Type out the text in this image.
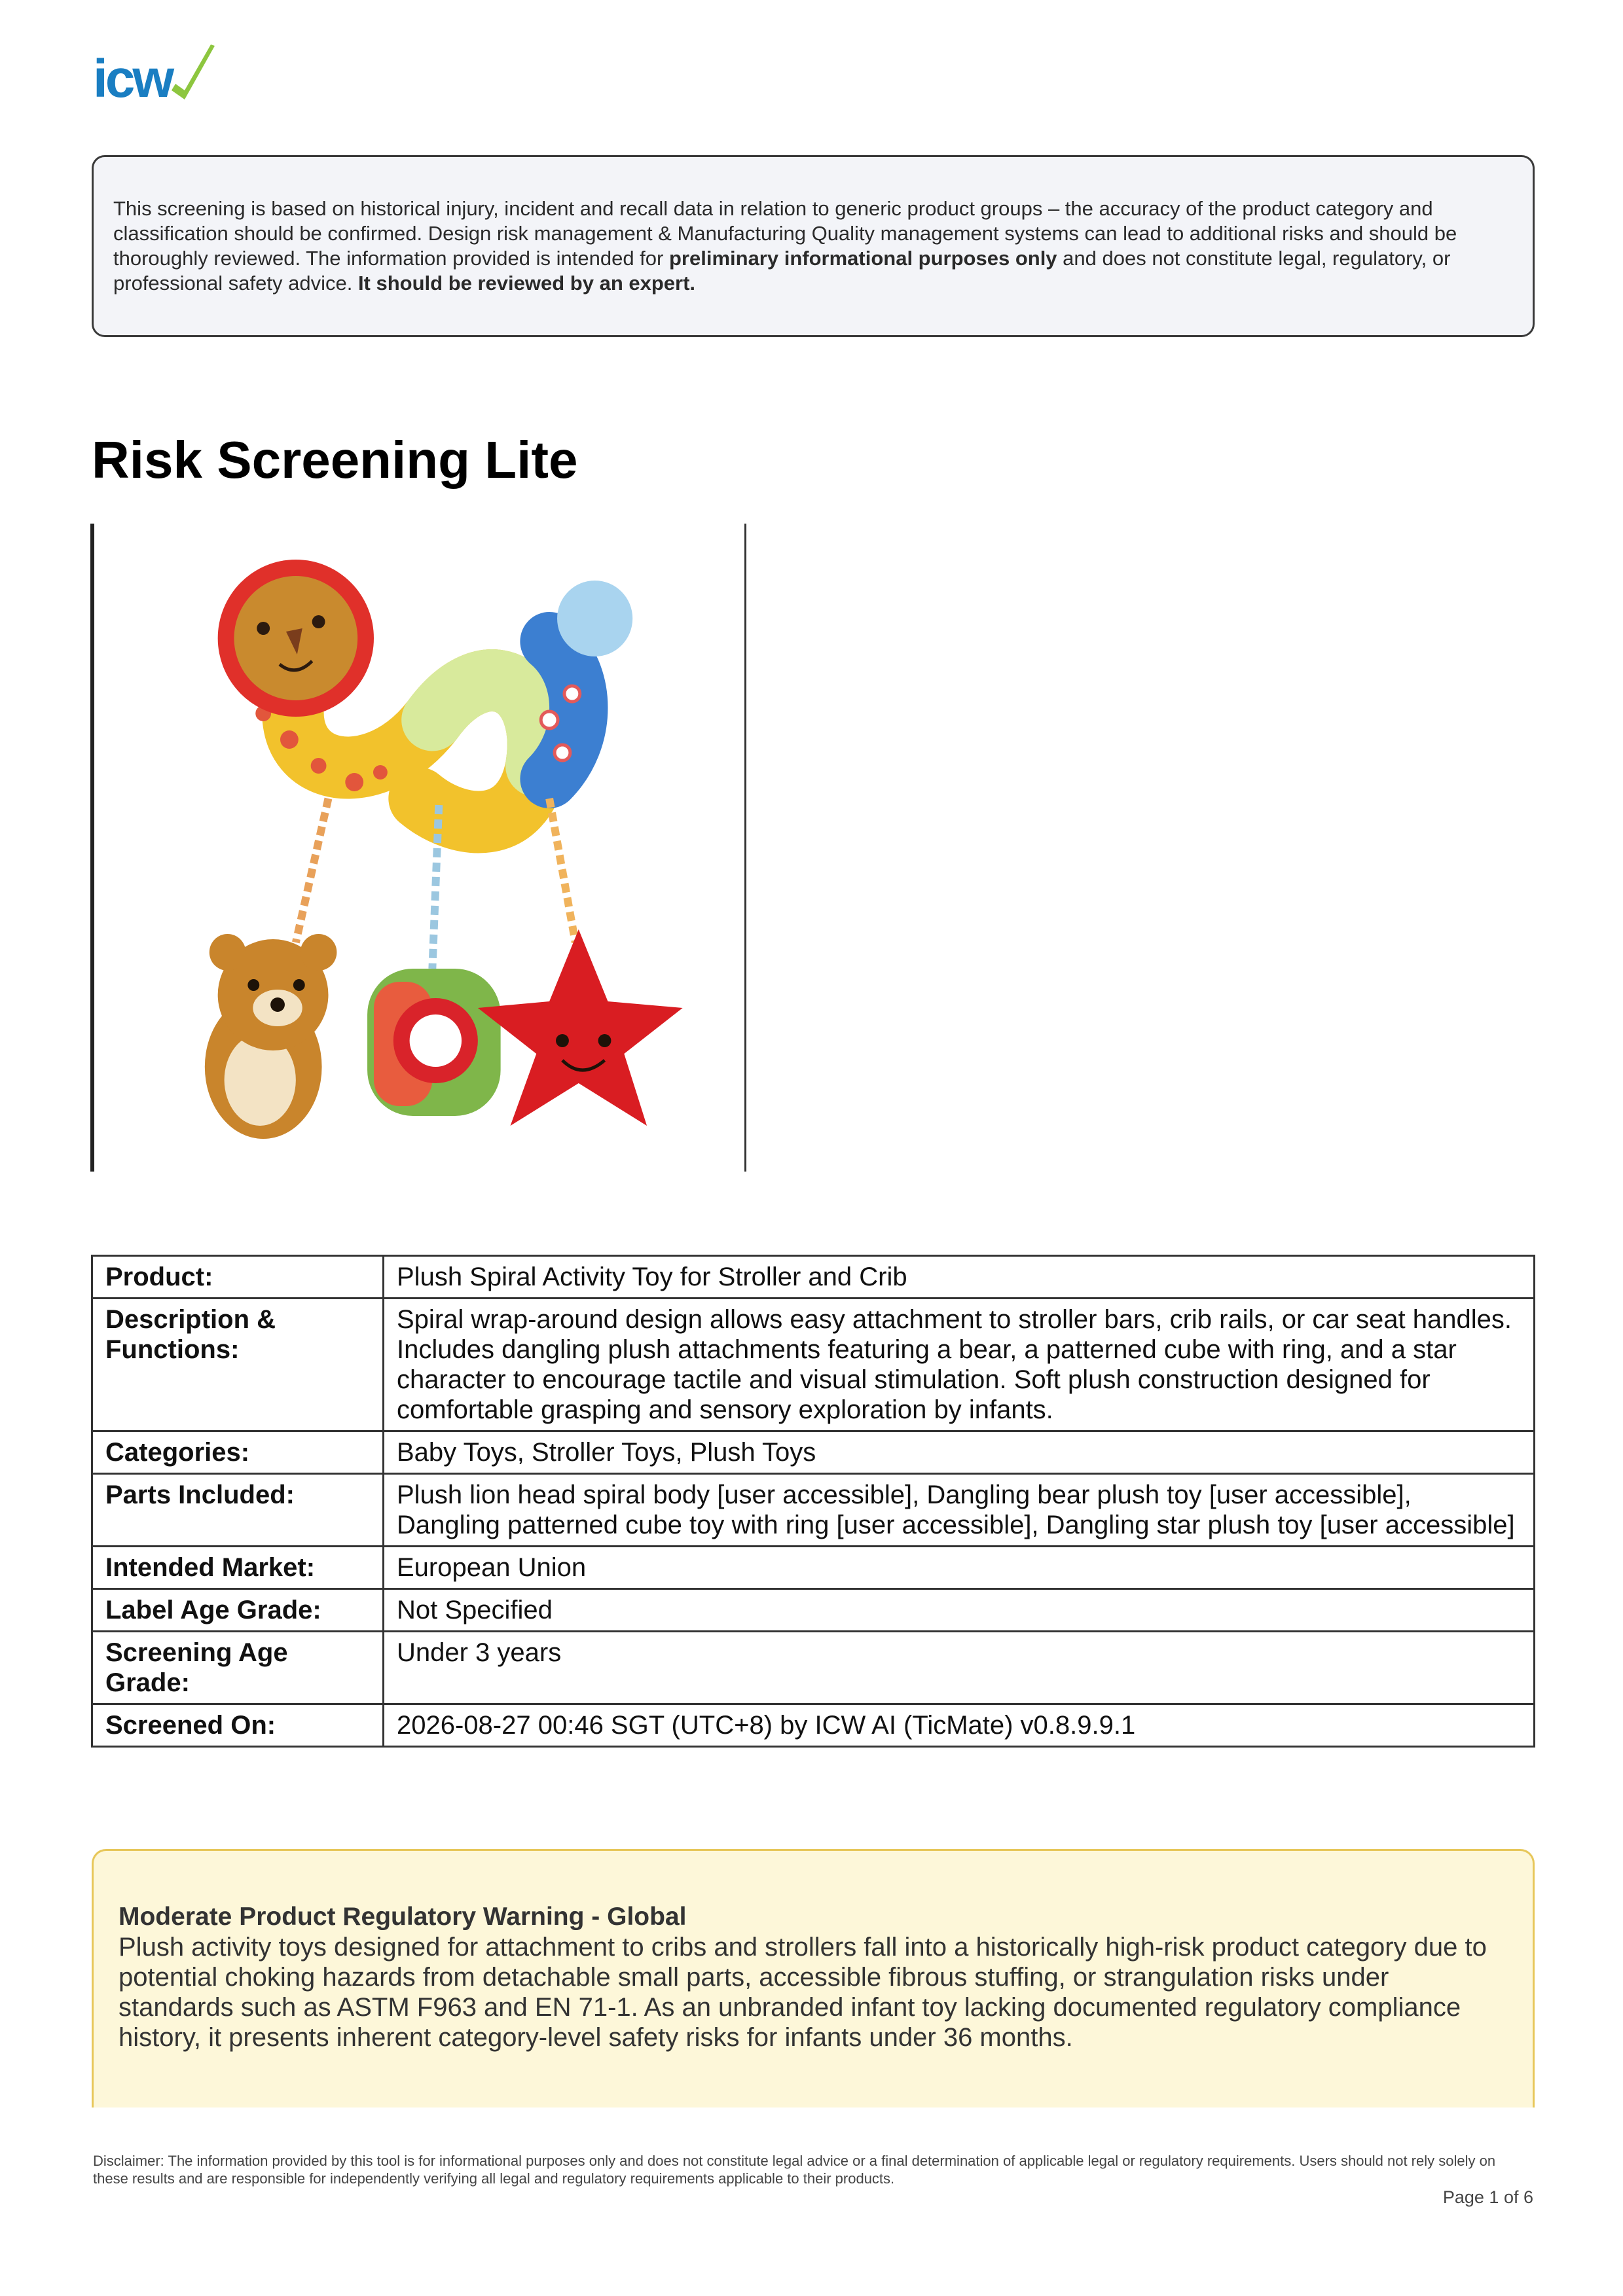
icw
This screening is based on historical injury, incident and recall data in relation to generic product groups – the accuracy of the product category and classification should be confirmed. Design risk management & Manufacturing Quality management systems can lead to additional risks and should be thoroughly reviewed. The information provided is intended for preliminary informational purposes only and does not constitute legal, regulatory, or professional safety advice. It should be reviewed by an expert.
Risk Screening Lite
Product:	Plush Spiral Activity Toy for Stroller and Crib
Description & Functions:	Spiral wrap-around design allows easy attachment to stroller bars, crib rails, or car seat handles. Includes dangling plush attachments featuring a bear, a patterned cube with ring, and a star character to encourage tactile and visual stimulation. Soft plush construction designed for comfortable grasping and sensory exploration by infants.
Categories:	Baby Toys, Stroller Toys, Plush Toys
Parts Included:	Plush lion head spiral body [user accessible], Dangling bear plush toy [user accessible], Dangling patterned cube toy with ring [user accessible], Dangling star plush toy [user accessible]
Intended Market:	European Union
Label Age Grade:	Not Specified
Screening Age Grade:	Under 3 years
Screened On:	2026-08-27 00:46 SGT (UTC+8) by ICW AI (TicMate) v0.8.9.9.1
Moderate Product Regulatory Warning - Global
Plush activity toys designed for attachment to cribs and strollers fall into a historically high-risk product category due to potential choking hazards from detachable small parts, accessible fibrous stuffing, or strangulation risks under standards such as ASTM F963 and EN 71-1. As an unbranded infant toy lacking documented regulatory compliance history, it presents inherent category-level safety risks for infants under 36 months.
Disclaimer: The information provided by this tool is for informational purposes only and does not constitute legal advice or a final determination of applicable legal or regulatory requirements. Users should not rely solely on these results and are responsible for independently verifying all legal and regulatory requirements applicable to their products.
Page 1 of 6
